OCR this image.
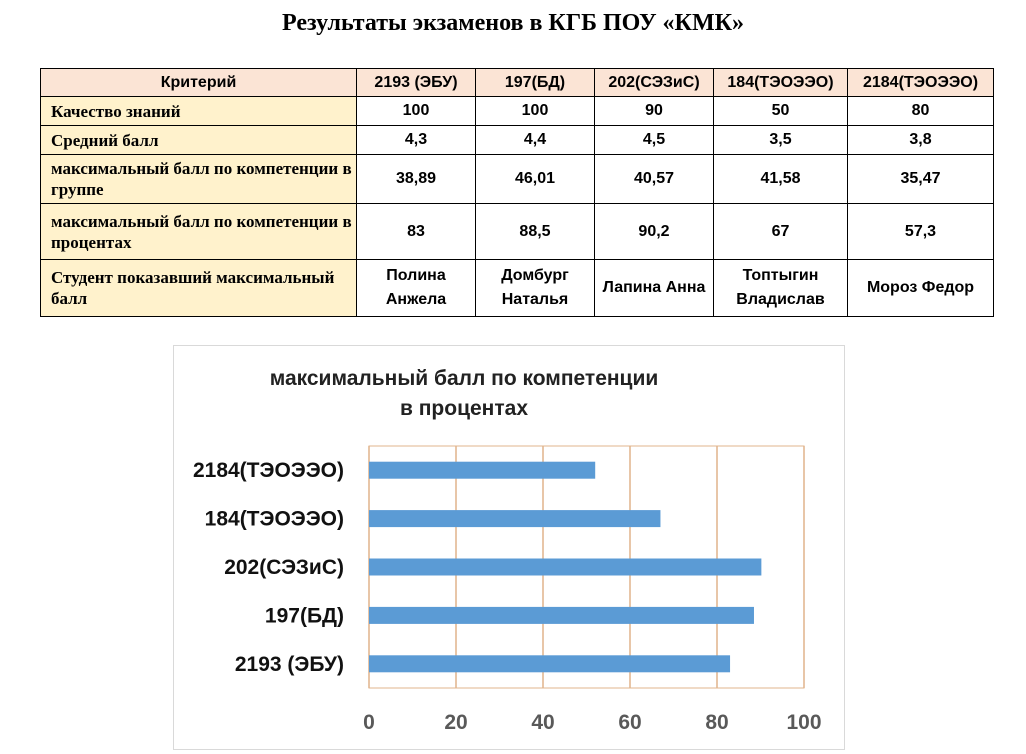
Результаты экзаменов в КГБ ПОУ «КМК»
Критерий	2193 (ЭБУ)	197(БД)	202(СЭЗиС)	184(ТЭОЭЭО)	2184(ТЭОЭЭО)
Качество знаний	100	100	90	50	80
Средний балл	4,3	4,4	4,5	3,5	3,8
максимальный балл по компетенции в группе	38,89	46,01	40,57	41,58	35,47
максимальный балл по компетенции в процентах	83	88,5	90,2	67	57,3
Студент показавший максимальный балл	Полина Анжела	Домбург Наталья	Лапина Анна	Топтыгин Владислав	Мороз Федор
максимальный балл по компетенции в процентах
0	20	40	60	80	100
2184(ТЭОЭЭО)
184(ТЭОЭЭО)
202(СЭЗиС)
197(БД)
2193 (ЭБУ)
